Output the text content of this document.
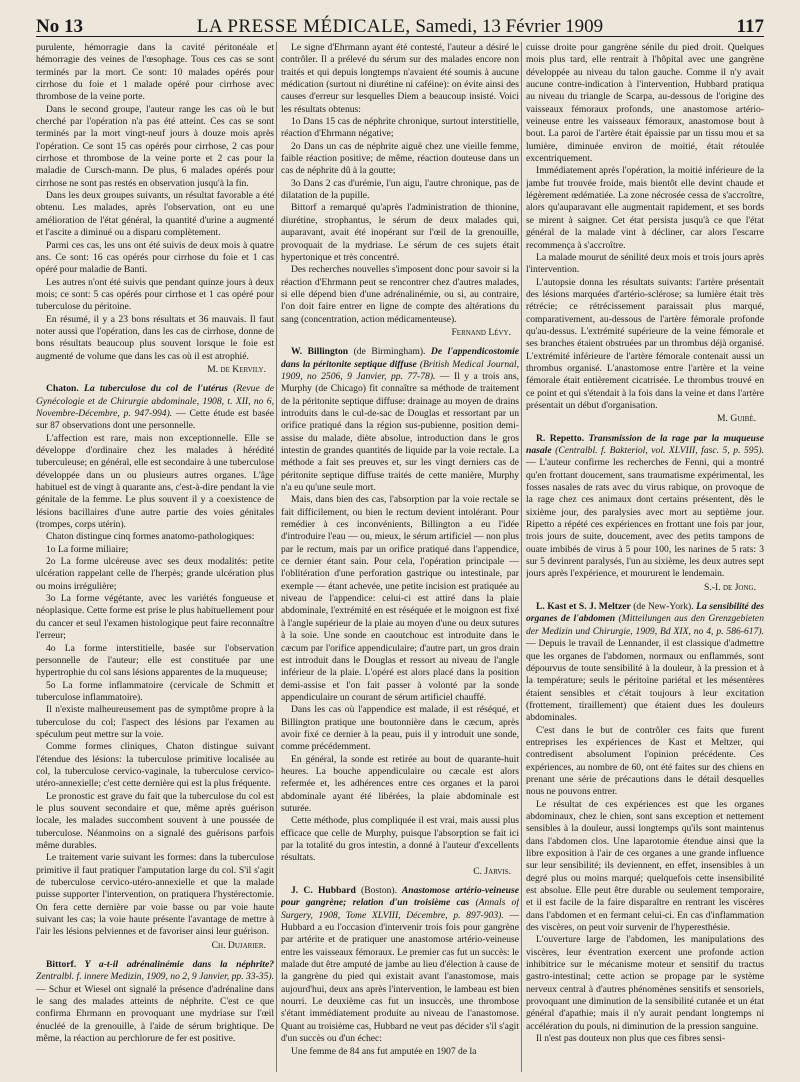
No 13	LA PRESSE MÉDICALE, Samedi, 13 Février 1909	117

purulente, hémorragie dans la cavité péritonéale et hémorragie des veines de l'œsophage. Tous ces cas se sont terminés par la mort. Ce sont: 10 malades opérés pour cirrhose du foie et 1 malade opéré pour cirrhose avec thrombose de la veine porte.

Dans le second groupe, l'auteur range les cas où le but cherché par l'opération n'a pas été atteint. Ces cas se sont terminés par la mort vingt-neuf jours à douze mois après l'opération. Ce sont 15 cas opérés pour cirrhose, 2 cas pour cirrhose et thrombose de la veine porte et 2 cas pour la maladie de Cursch-mann. De plus, 6 malades opérés pour cirrhose ne sont pas restés en observation jusqu'à la fin.

Dans les deux groupes suivants, un résultat favorable a été obtenu. Les malades, après l'observation, ont eu une amélioration de l'état général, la quantité d'urine a augmenté et l'ascite a diminué ou a disparu complètement.

Parmi ces cas, les uns ont été suivis de deux mois à quatre ans. Ce sont: 16 cas opérés pour cirrhose du foie et 1 cas opéré pour maladie de Banti.

Les autres n'ont été suivis que pendant quinze jours à deux mois; ce sont: 5 cas opérés pour cirrhose et 1 cas opéré pour tuberculose du péritoine.

En résumé, il y a 23 bons résultats et 36 mauvais. Il faut noter aussi que l'opération, dans les cas de cirrhose, donne de bons résultats beaucoup plus souvent lorsque le foie est augmenté de volume que dans les cas où il est atrophié.

M. de Kervily.

Chaton. La tuberculose du col de l'utérus (Revue de Gynécologie et de Chirurgie abdominale, 1908, t. XII, no 6, Novembre-Décembre, p. 947-994). — Cette étude est basée sur 87 observations dont une personnelle.

L'affection est rare, mais non exceptionnelle. Elle se développe d'ordinaire chez les malades à hérédité tuberculeuse; en général, elle est secondaire à une tuberculose développée dans un ou plusieurs autres organes. L'âge habituel est de vingt à quarante ans, c'est-à-dire pendant la vie génitale de la femme. Le plus souvent il y a coexistence de lésions bacillaires d'une autre partie des voies génitales (trompes, corps utérin).

Chaton distingue cinq formes anatomo-pathologiques:

1o La forme miliaire;

2o La forme ulcéreuse avec ses deux modalités: petite ulcération rappelant celle de l'herpès; grande ulcération plus ou moins irrégulière;

3o La forme végétante, avec les variétés fongueuse et néoplasique. Cette forme est prise le plus habituellement pour du cancer et seul l'examen histologique peut faire reconnaître l'erreur;

4o La forme interstitielle, basée sur l'observation personnelle de l'auteur; elle est constituée par une hypertrophie du col sans lésions apparentes de la muqueuse;

5o La forme inflammatoire (cervicale de Schmitt et tuberculose inflammatoire).

Il n'existe malheureusement pas de symptôme propre à la tuberculose du col; l'aspect des lésions par l'examen au spéculum peut mettre sur la voie.

Comme formes cliniques, Chaton distingue suivant l'étendue des lésions: la tuberculose primitive localisée au col, la tuberculose cervico-vaginale, la tuberculose cervico-utéro-annexielle; c'est cette dernière qui est la plus fréquente.

Le pronostic est grave du fait que la tuberculose du col est le plus souvent secondaire et que, même après guérison locale, les malades succombent souvent à une poussée de tuberculose. Néanmoins on a signalé des guérisons parfois même durables.

Le traitement varie suivant les formes: dans la tuberculose primitive il faut pratiquer l'amputation large du col. S'il s'agit de tuberculose cervico-utéro-annexielle et que la malade puisse supporter l'intervention, on pratiquera l'hystérectomie. On fera cette dernière par voie basse ou par voie haute suivant les cas; la voie haute présente l'avantage de mettre à l'air les lésions pelviennes et de favoriser ainsi leur guérison.

Ch. Dujarier.

Bittorf. Y a-t-il adrénalinémie dans la néphrite? Zentralbl. f. innere Medizin, 1909, no 2, 9 Janvier, pp. 33-35). — Schur et Wiesel ont signalé la présence d'adrénaline dans le sang des malades atteints de néphrite. C'est ce que confirma Ehrmann en provoquant une mydriase sur l'œil énucléé de la grenouille, à l'aide de sérum brightique. De même, la réaction au perchlorure de fer est positive.

Le signe d'Ehrmann ayant été contesté, l'auteur a désiré le contrôler. Il a prélevé du sérum sur des malades encore non traités et qui depuis longtemps n'avaient été soumis à aucune médication (surtout ni diurétine ni caféine): on évite ainsi des causes d'erreur sur lesquelles Diem a beaucoup insisté. Voici les résultats obtenus:

1o Dans 15 cas de néphrite chronique, surtout interstitielle, réaction d'Ehrmann négative;

2o Dans un cas de néphrite aiguë chez une vieille femme, faible réaction positive; de même, réaction douteuse dans un cas de néphrite dû à la goutte;

3o Dans 2 cas d'urémie, l'un aigu, l'autre chronique, pas de dilatation de la pupille.

Bittorf a remarqué qu'après l'administration de thionine, diurétine, strophantus, le sérum de deux malades qui, auparavant, avait été inopérant sur l'œil de la grenouille, provoquait de la mydriase. Le sérum de ces sujets était hypertonique et très concentré.

Des recherches nouvelles s'imposent donc pour savoir si la réaction d'Ehrmann peut se rencontrer chez d'autres malades, si elle dépend bien d'une adrénalinémie, ou si, au contraire, l'on doit faire entrer en ligne de compte des altérations du sang (concentration, action médicamenteuse).

Fernand Lévy.

W. Billington (de Birmingham). De l'appendicostomie dans la péritonite septique diffuse (British Medical Journal, 1909, no 2506, 9 Janvier, pp. 77-78). — Il y a trois ans, Murphy (de Chicago) fit connaître sa méthode de traitement de la péritonite septique diffuse: drainage au moyen de drains introduits dans le cul-de-sac de Douglas et ressortant par un orifice pratiqué dans la région sus-pubienne, position demi-assise du malade, diète absolue, introduction dans le gros intestin de grandes quantités de liquide par la voie rectale. La méthode a fait ses preuves et, sur les vingt derniers cas de péritonite septique diffuse traités de cette manière, Murphy n'a eu qu'une seule mort.

Mais, dans bien des cas, l'absorption par la voie rectale se fait difficilement, ou bien le rectum devient intolérant. Pour remédier à ces inconvénients, Billington a eu l'idée d'introduire l'eau — ou, mieux, le sérum artificiel — non plus par le rectum, mais par un orifice pratiqué dans l'appendice, ce dernier étant sain. Pour cela, l'opération principale — l'oblitération d'une perforation gastrique ou intestinale, par exemple — étant achevée, une petite incision est pratiquée au niveau de l'appendice: celui-ci est attiré dans la plaie abdominale, l'extrémité en est réséquée et le moignon est fixé à l'angle supérieur de la plaie au moyen d'une ou deux sutures à la soie. Une sonde en caoutchouc est introduite dans le cæcum par l'orifice appendiculaire; d'autre part, un gros drain est introduit dans le Douglas et ressort au niveau de l'angle inférieur de la plaie. L'opéré est alors placé dans la position demi-assise et l'on fait passer à volonté par la sonde appendiculaire un courant de sérum artificiel chauffé.

Dans les cas où l'appendice est malade, il est réséqué, et Billington pratique une boutonnière dans le cæcum, après avoir fixé ce dernier à la peau, puis il y introduit une sonde, comme précédemment.

En général, la sonde est retirée au bout de quarante-huit heures. La bouche appendiculaire ou cæcale est alors refermée et, les adhérences entre ces organes et la paroi abdominale ayant été libérées, la plaie abdominale est suturée.

Cette méthode, plus compliquée il est vrai, mais aussi plus efficace que celle de Murphy, puisque l'absorption se fait ici par la totalité du gros intestin, a donné à l'auteur d'excellents résultats.

C. Jarvis.

J. C. Hubbard (Boston). Anastomose artério-veineuse pour gangrène; relation d'un troisième cas (Annals of Surgery, 1908, Tome XLVIII, Décembre, p. 897-903). — Hubbard a eu l'occasion d'intervenir trois fois pour gangrène par artérite et de pratiquer une anastomose artério-veineuse entre les vaisseaux fémoraux. Le premier cas fut un succès: le malade dut être amputé de jambe au lieu d'élection à cause de la gangrène du pied qui existait avant l'anastomose, mais aujourd'hui, deux ans après l'intervention, le lambeau est bien nourri. Le deuxième cas fut un insuccès, une thrombose s'étant immédiatement produite au niveau de l'anastomose. Quant au troisième cas, Hubbard ne veut pas décider s'il s'agit d'un succès ou d'un échec:

Une femme de 84 ans fut amputée en 1907 de la

cuisse droite pour gangrène sénile du pied droit. Quelques mois plus tard, elle rentrait à l'hôpital avec une gangrène développée au niveau du talon gauche. Comme il n'y avait aucune contre-indication à l'intervention, Hubbard pratiqua au niveau du triangle de Scarpa, au-dessous de l'origine des vaisseaux fémoraux profonds, une anastomose artério-veineuse entre les vaisseaux fémoraux, anastomose bout à bout. La paroi de l'artère était épaissie par un tissu mou et sa lumière, diminuée environ de moitié, était rétoulée excentriquement.

Immédiatement après l'opération, la moitié inférieure de la jambe fut trouvée froide, mais bientôt elle devint chaude et légèrement œdématiée. La zone nécrosée cessa de s'accroître, alors qu'auparavant elle augmentait rapidement, et ses bords se mirent à saigner. Cet état persista jusqu'à ce que l'état général de la malade vint à décliner, car alors l'escarre recommença à s'accroître.

La malade mourut de sénilité deux mois et trois jours après l'intervention.

L'autopsie donna les résultats suivants: l'artère présentait des lésions marquées d'artério-sclérose; sa lumière était très rétrécie; ce rétrécissement paraissait plus marqué, comparativement, au-dessous de l'artère fémorale profonde qu'au-dessus. L'extrémité supérieure de la veine fémorale et ses branches étaient obstruées par un thrombus déjà organisé. L'extrémité inférieure de l'artère fémorale contenait aussi un thrombus organisé. L'anastomose entre l'artère et la veine fémorale était entièrement cicatrisée. Le thrombus trouvé en ce point et qui s'étendait à la fois dans la veine et dans l'artère présentait un début d'organisation.

M. Guibé.

R. Repetto. Transmission de la rage par la muqueuse nasale (Centralbl. f. Bakteriol, vol. XLVIII, fasc. 5, p. 595). — L'auteur confirme les recherches de Fenni, qui a montré qu'en frottant doucement, sans traumatisme expérimental, les fosses nasales de rats avec du virus rabique, on provoque de la rage chez ces animaux dont certains présentent, dès le sixième jour, des paralysies avec mort au septième jour. Ripetto a répété ces expériences en frottant une fois par jour, trois jours de suite, doucement, avec des petits tampons de ouate imbibés de virus à 5 pour 100, les narines de 5 rats: 3 sur 5 devinrent paralysés, l'un au sixième, les deux autres sept jours après l'expérience, et moururent le lendemain.

S.-I. de Jong.

L. Kast et S. J. Meltzer (de New-York). La sensibilité des organes de l'abdomen (Mitteilungen aus den Grenzgebieten der Medizin und Chirurgie, 1909, Bd XIX, no 4, p. 586-617). — Depuis le travail de Lennander, il est classique d'admettre que les organes de l'abdomen, normaux ou enflammés, sont dépourvus de toute sensibilité à la douleur, à la pression et à la température; seuls le péritoine pariétal et les mésentères étaient sensibles et c'était toujours à leur excitation (frottement, tiraillement) que étaient dues les douleurs abdominales.

C'est dans le but de contrôler ces faits que furent entreprises les expériences de Kast et Meltzer, qui contredisent absolument l'opinion précédente. Ces expériences, au nombre de 60, ont été faites sur des chiens en prenant une série de précautions dans le détail desquelles nous ne pouvons entrer.

Le résultat de ces expériences est que les organes abdominaux, chez le chien, sont sans exception et nettement sensibles à la douleur, aussi longtemps qu'ils sont maintenus dans l'abdomen clos. Une laparotomie étendue ainsi que la libre exposition à l'air de ces organes a une grande influence sur leur sensibilité; ils deviennent, en effet, insensibles à un degré plus ou moins marqué; quelquefois cette insensibilité est absolue. Elle peut être durable ou seulement temporaire, et il est facile de la faire disparaître en rentrant les viscères dans l'abdomen et en fermant celui-ci. En cas d'inflammation des viscères, on peut voir survenir de l'hyperesthésie.

L'ouverture large de l'abdomen, les manipulations des viscères, leur éventration exercent une profonde action inhibitrice sur le mécanisme moteur et sensitif du tractus gastro-intestinal; cette action se propage par le système nerveux central à d'autres phénomènes sensitifs et sensoriels, provoquant une diminution de la sensibilité cutanée et un état général d'apathie; mais il n'y aurait pendant longtemps ni accélération du pouls, ni diminution de la pression sanguine.

Il n'est pas douteux non plus que ces fibres sensi-
